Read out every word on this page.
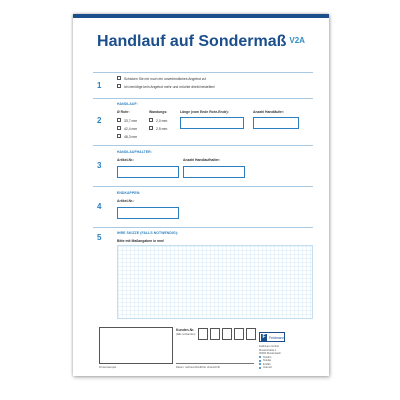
Handlauf auf Sondermaß V2A
1
Schicken Sie mir noch ein unverbindliches Angebot zu!
Ich benötige kein Angebot mehr und möchte direkt bestellen!
2
HANDLAUF:
Ø Rohr:
33,7 mm
42,4 mm
48,3 mm
Wandungs:
2,0 mm
2,5 mm
Länge (vom Ende Rohr-Ende):	Anzahl Handläufer:
3
HANDLAUFHALTER:
Artikel-Nr.:	Anzahl Handlaufhalter:
4
ENDKAPPEN:
Artikel-Nr.:
5	IHRE SKIZZE (FALLS NOTWENDIG):
Bitte mit Maßangaben in mm!
Firmenstempel
Kunden-Nr.
(falls vorhanden)
Datum, rechtsverbindliche Unterschrift
F Feldmann
Feldmann GmbH
Musterstraße 1
00000 Musterstadt
Telefon
Telefax
E-Mail
Internet
